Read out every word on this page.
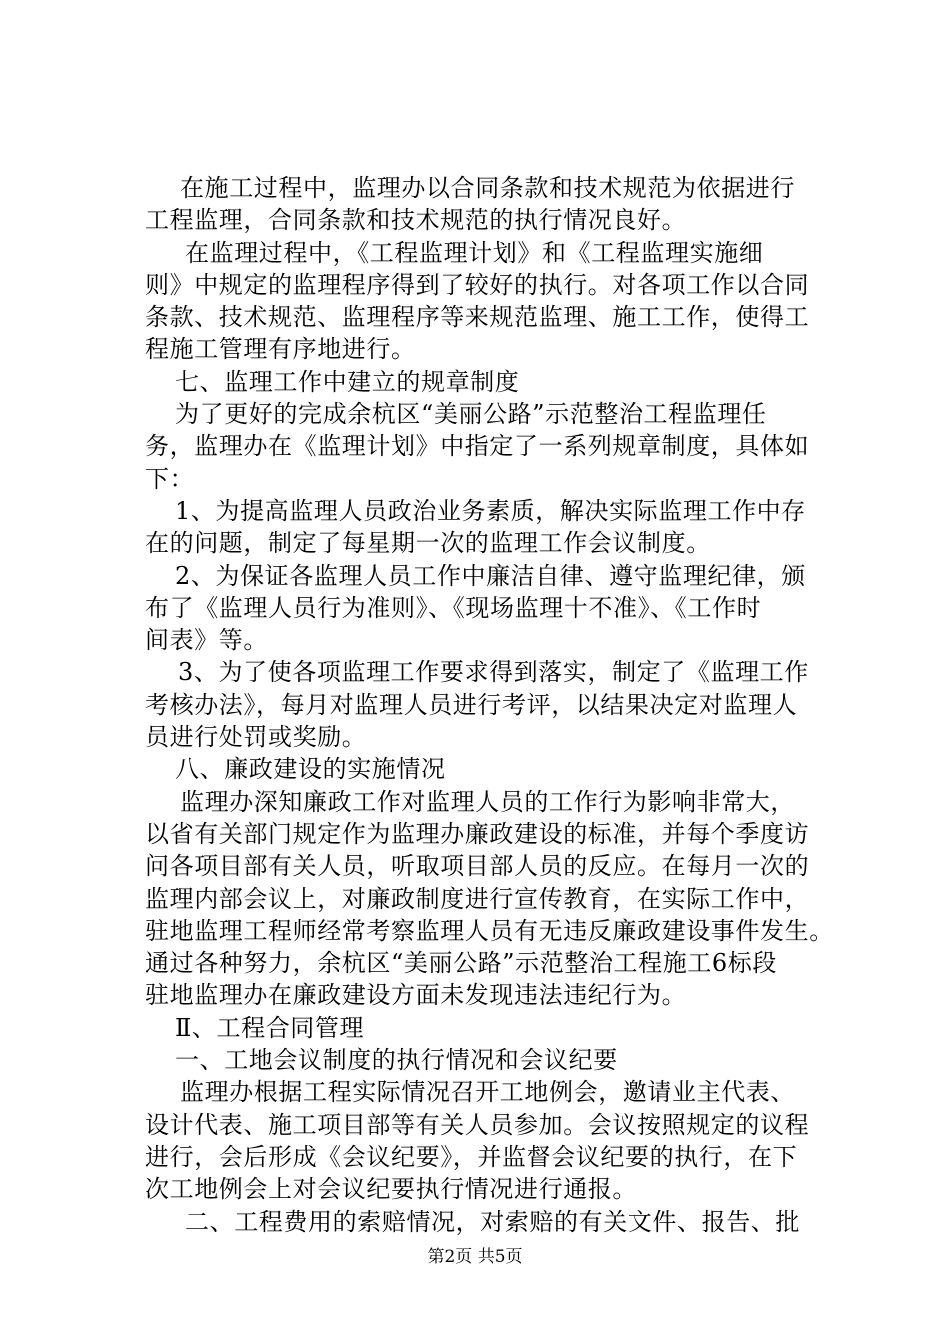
在施工过程中，监理办以合同条款和技术规范为依据进行
工程监理，合同条款和技术规范的执行情况良好。
在监理过程中，《工程监理计划》和《工程监理实施细
则》中规定的监理程序得到了较好的执行。对各项工作以合同
条款、技术规范、监理程序等来规范监理、施工工作，使得工
程施工管理有序地进行。
七、监理工作中建立的规章制度
为了更好的完成余杭区“美丽公路”示范整治工程监理任
务，监理办在《监理计划》中指定了一系列规章制度，具体如
下：
1、为提高监理人员政治业务素质，解决实际监理工作中存
在的问题，制定了每星期一次的监理工作会议制度。
2、为保证各监理人员工作中廉洁自律、遵守监理纪律，颁
布了《监理人员行为准则》、《现场监理十不准》、《工作时
间表》等。
3、为了使各项监理工作要求得到落实，制定了《监理工作
考核办法》，每月对监理人员进行考评，以结果决定对监理人
员进行处罚或奖励。
八、廉政建设的实施情况
监理办深知廉政工作对监理人员的工作行为影响非常大，
以省有关部门规定作为监理办廉政建设的标准，并每个季度访
问各项目部有关人员，听取项目部人员的反应。在每月一次的
监理内部会议上，对廉政制度进行宣传教育，在实际工作中，
驻地监理工程师经常考察监理人员有无违反廉政建设事件发生。
通过各种努力，余杭区“美丽公路”示范整治工程施工6标段
驻地监理办在廉政建设方面未发现违法违纪行为。
Ⅱ、工程合同管理
一、工地会议制度的执行情况和会议纪要
监理办根据工程实际情况召开工地例会，邀请业主代表、
设计代表、施工项目部等有关人员参加。会议按照规定的议程
进行，会后形成《会议纪要》，并监督会议纪要的执行，在下
次工地例会上对会议纪要执行情况进行通报。
二、工程费用的索赔情况，对索赔的有关文件、报告、批
第2页 共5页
